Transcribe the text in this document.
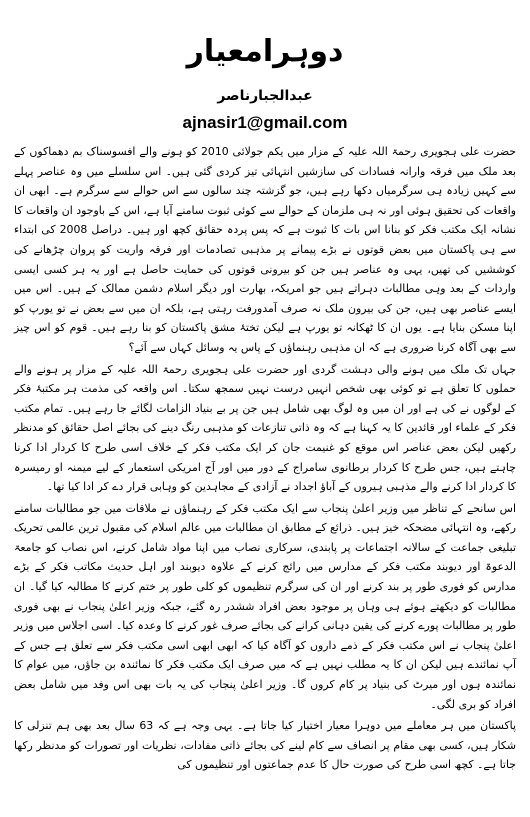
دوہرامعیار
عبدالجبارناصر
ajnasir1@gmail.com

حضرت علی ہجویری رحمۃ اللہ علیہ کے مزار میں یکم جولائی 2010 کو ہونے والے افسوسناک بم دھماکوں کے بعد ملک میں فرقہ وارانہ فسادات کی سازشیں انتہائی تیز کردی گئی ہیں۔ اس سلسلے میں وہ عناصر پہلے سے کہیں زیادہ ہی سرگرمیاں دکھا رہے ہیں، جو گزشتہ چند سالوں سے اس حوالے سے سرگرم ہے۔ ابھی ان واقعات کی تحقیق ہوئی اور نہ ہی ملزمان کے حوالے سے کوئی ثبوت سامنے آیا ہے، اس کے باوجود ان واقعات کا نشانہ ایک مکتب فکر کو بنانا اس بات کا ثبوت ہے کہ پس پردہ حقائق کچھ اور ہیں۔ دراصل 2008 کی ابتداء سے ہی پاکستان میں بعض قوتوں نے بڑے پیمانے پر مذہبی تصادمات اور فرقہ واریت کو پروان چڑھانے کی کوششیں کی تھیں، یہی وہ عناصر ہیں جن کو بیرونی قوتوں کی حمایت حاصل ہے اور یہ ہر کسی ایسی واردات کے بعد وہی مطالبات دہراتے ہیں جو امریکہ، بھارت اور دیگر اسلام دشمن ممالک کے ہیں۔ اس میں ایسے عناصر بھی ہیں، جن کی بیرون ملک نہ صرف آمدورفت رہتی ہے، بلکہ ان میں سے بعض نے تو یورپ کو اپنا مسکن بنایا ہے۔ یوں ان کا ٹھکانہ تو یورپ ہے لیکن تختۂ مشق پاکستان کو بنا رہے ہیں۔ قوم کو اس چیز سے بھی آگاہ کرنا ضروری ہے کہ ان مذہبی رہنماؤں کے پاس یہ وسائل کہاں سے آئے؟

جہاں تک ملک میں ہونے والی دہشت گردی اور حضرت علی ہجویری رحمۃ اللہ علیہ کے مزار پر ہونے والے حملوں کا تعلق ہے تو کوئی بھی شخص انہیں درست نہیں سمجھ سکتا۔ اس واقعہ کی مذمت ہر مکتبۂ فکر کے لوگوں نے کی ہے اور ان میں وہ لوگ بھی شامل ہیں جن پر بے بنیاد الزامات لگائے جا رہے ہیں۔ تمام مکتب فکر کے علماء اور قائدین کا یہ کہنا ہے کہ وہ ذاتی تنازعات کو مذہبی رنگ دینے کی بجائے اصل حقائق کو مدنظر رکھیں لیکن بعض عناصر اس موقع کو غنیمت جان کر ایک مکتب فکر کے خلاف اسی طرح کا کردار ادا کرنا چاہتے ہیں، جس طرح کا کردار برطانوی سامراج کے دور میں اور آج امریکی استعمار کے لیے میمنہ او رمیسرہ کا کردار ادا کرنے والے مذہبی ہیروں کے آباؤ اجداد نے آزادی کے مجاہدین کو وہابی قرار دے کر ادا کیا تھا۔

اس سانحے کے تناظر میں وزیر اعلیٰ پنجاب سے ایک مکتب فکر کے رہنماؤں نے ملاقات میں جو مطالبات سامنے رکھے، وہ انتہائی مضحکہ خیز ہیں۔ ذرائع کے مطابق ان مطالبات میں عالم اسلام کی مقبول ترین عالمی تحریک تبلیغی جماعت کے سالانہ اجتماعات پر پابندی، سرکاری نصاب میں اپنا مواد شامل کرنے، اس نصاب کو جامعۃ الدعوۃ اور دیوبند مکتب فکر کے مدارس میں رائج کرنے کے علاوہ دیوبند اور اہل حدیث مکاتب فکر کے بڑے مدارس کو فوری طور پر بند کرنے اور ان کی سرگرم تنظیموں کو کلی طور پر ختم کرنے کا مطالبہ کیا گیا۔ ان مطالبات کو دیکھتے ہوئے ہی وہاں پر موجود بعض افراد ششدر رہ گئے، جبکہ وزیر اعلیٰ پنجاب نے بھی فوری طور پر مطالبات پورے کرنے کی یقین دہانی کرانے کی بجائے صرف غور کرنے کا وعدہ کیا۔ اسی اجلاس میں وزیر اعلیٰ پنجاب نے اس مکتب فکر کے ذمے داروں کو آگاہ کیا کہ ابھی ابھی اسی مکتب فکر سے تعلق ہے جس کے آپ نمائندے ہیں لیکن ان کا یہ مطلب نہیں ہے کہ میں صرف ایک مکتب فکر کا نمائندہ بن جاؤں، میں عوام کا نمائندہ ہوں اور میرٹ کی بنیاد پر کام کروں گا۔ وزیر اعلیٰ پنجاب کی یہ بات بھی اس وفد میں شامل بعض افراد کو بری لگی۔

پاکستان میں ہر معاملے میں دوہرا معیار اختیار کیا جاتا ہے۔ یہی وجہ ہے کہ 63 سال بعد بھی ہم تنزلی کا شکار ہیں، کسی بھی مقام پر انصاف سے کام لینے کی بجائے ذاتی مفادات، نظریات اور تصورات کو مدنظر رکھا جاتا ہے۔ کچھ اسی طرح کی صورت حال کا عدم جماعتوں اور تنظیموں کی
